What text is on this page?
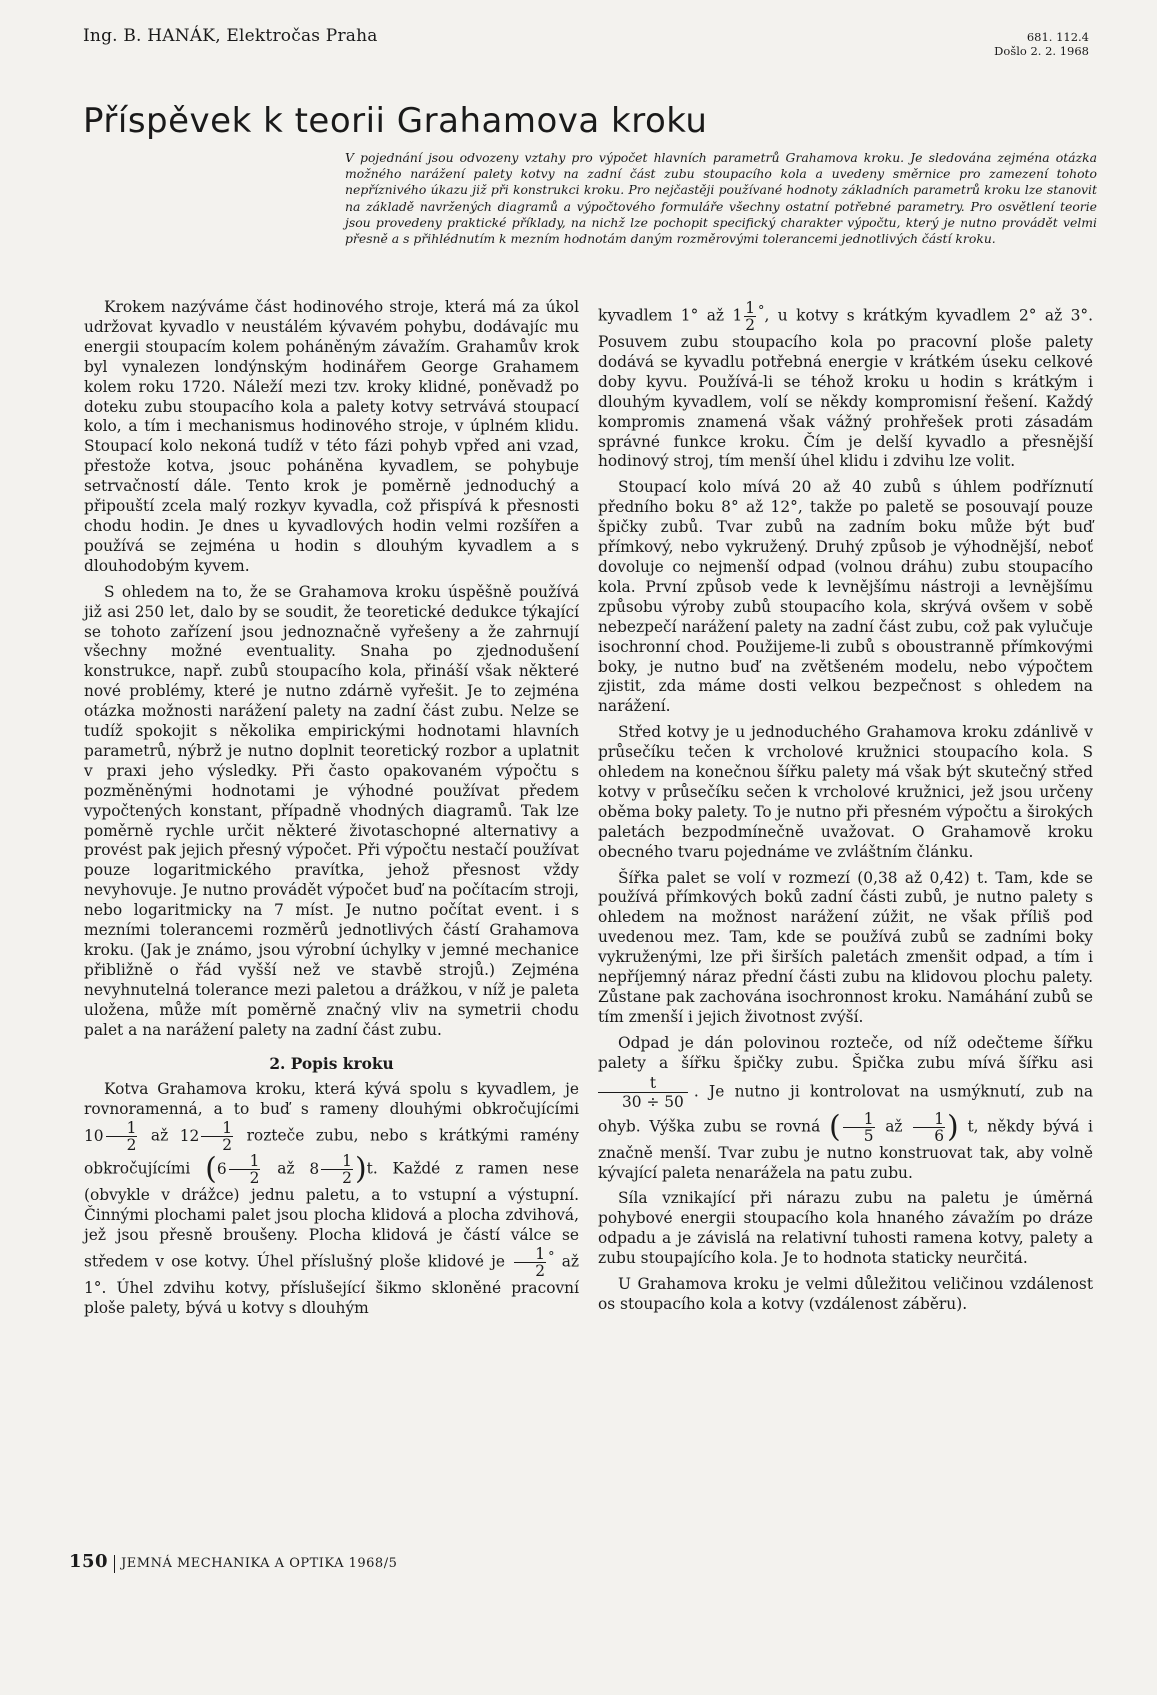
Ing. B. HANÁK, Elektročas Praha	681. 112.4
Došlo 2. 2. 1968
Příspěvek k teorii Grahamova kroku
V pojednání jsou odvozeny vztahy pro výpočet hlavních parametrů Grahamova kroku. Je sledována zejména otázka možného narážení palety kotvy na zadní část zubu stoupacího kola a uvedeny směrnice pro zamezení tohoto nepříznivého úkazu již při konstrukci kroku. Pro nejčastěji používané hodnoty základních parametrů kroku lze stanovit na základě navržených diagramů a výpočtového formuláře všechny ostatní potřebné parametry. Pro osvětlení teorie jsou provedeny praktické příklady, na nichž lze pochopit specifický charakter výpočtu, který je nutno provádět velmi přesně a s přihlédnutím k mezním hodnotám daným rozměrovými tolerancemi jednotlivých částí kroku.

Krokem nazýváme část hodinového stroje, která má za úkol udržovat kyvadlo v neustálém kývavém pohybu, dodávajíc mu energii stoupacím kolem poháněným závažím. Grahamův krok byl vynalezen londýnským hodinářem George Grahamem kolem roku 1720. Náleží mezi tzv. kroky klidné, poněvadž po doteku zubu stoupacího kola a palety kotvy setrvává stoupací kolo, a tím i mechanismus hodinového stroje, v úplném klidu. Stoupací kolo nekoná tudíž v této fázi pohyb vpřed ani vzad, přestože kotva, jsouc poháněna kyvadlem, se pohybuje setrvačností dále. Tento krok je poměrně jednoduchý a připouští zcela malý rozkyv kyvadla, což přispívá k přesnosti chodu hodin. Je dnes u kyvadlových hodin velmi rozšířen a používá se zejména u hodin s dlouhým kyvadlem a s dlouhodobým kyvem.

S ohledem na to, že se Grahamova kroku úspěšně používá již asi 250 let, dalo by se soudit, že teoretické dedukce týkající se tohoto zařízení jsou jednoznačně vyřešeny a že zahrnují všechny možné eventuality. Snaha po zjednodušení konstrukce, např. zubů stoupacího kola, přináší však některé nové problémy, které je nutno zdárně vyřešit. Je to zejména otázka možnosti narážení palety na zadní část zubu. Nelze se tudíž spokojit s několika empirickými hodnotami hlavních parametrů, nýbrž je nutno doplnit teoretický rozbor a uplatnit v praxi jeho výsledky. Při často opakovaném výpočtu s pozměněnými hodnotami je výhodné používat předem vypočtených konstant, případně vhodných diagramů. Tak lze poměrně rychle určit některé životaschopné alternativy a provést pak jejich přesný výpočet. Při výpočtu nestačí používat pouze logaritmického pravítka, jehož přesnost vždy nevyhovuje. Je nutno provádět výpočet buď na počítacím stroji, nebo logaritmicky na 7 míst. Je nutno počítat event. i s mezními tolerancemi rozměrů jednotlivých částí Grahamova kroku. (Jak je známo, jsou výrobní úchylky v jemné mechanice přibližně o řád vyšší než ve stavbě strojů.) Zejména nevyhnutelná tolerance mezi paletou a drážkou, v níž je paleta uložena, může mít poměrně značný vliv na symetrii chodu palet a na narážení palety na zadní část zubu.

2. Popis kroku

Kotva Grahamova kroku, která kývá spolu s kyvadlem, je rovnoramenná, a to buď s rameny dlouhými obkročujícími $10 \frac{1}{2}$ až $12 \frac{1}{2}$ rozteče zubu, nebo s krátkými ramény obkročujícími ($6 \frac{1}{2}$ až $8 \frac{1}{2} )t$. Každé z ramen nese (obvykle v drážce) jednu paletu, a to vstupní a výstupní. Činnými plochami palet jsou plocha klidová a plocha zdvihová, jež jsou přesně broušeny. Plocha klidová je částí válce se středem v ose kotvy. Úhel příslušný ploše klidové je $\frac{1}{2} ^\circ$ až 1°. Úhel zdvihu kotvy, příslušející šikmo skloněné pracovní ploše palety, bývá u kotvy s dlouhým

kyvadlem 1° až $1 \frac{1}{2} ^\circ$, u kotvy s krátkým kyvadlem 2° až 3°. Posuvem zubu stoupacího kola po pracovní ploše palety dodává se kyvadlu potřebná energie v krátkém úseku celkové doby kyvu. Používá-li se téhož kroku u hodin s krátkým i dlouhým kyvadlem, volí se někdy kompromisní řešení. Každý kompromis znamená však vážný prohřešek proti zásadám správné funkce kroku. Čím je delší kyvadlo a přesnější hodinový stroj, tím menší úhel klidu i zdvihu lze volit.

Stoupací kolo mívá 20 až 40 zubů s úhlem podříznutí předního boku 8° až 12°, takže po paletě se posouvají pouze špičky zubů. Tvar zubů na zadním boku může být buď přímkový, nebo vykružený. Druhý způsob je výhodnější, neboť dovoluje co nejmenší odpad (volnou dráhu) zubu stoupacího kola. První způsob vede k levnějšímu nástroji a levnějšímu způsobu výroby zubů stoupacího kola, skrývá ovšem v sobě nebezpečí narážení palety na zadní část zubu, což pak vylučuje isochronní chod. Použijeme-li zubů s oboustranně přímkovými boky, je nutno buď na zvětšeném modelu, nebo výpočtem zjistit, zda máme dosti velkou bezpečnost s ohledem na narážení.

Střed kotvy je u jednoduchého Grahamova kroku zdánlivě v průsečíku tečen k vrcholové kružnici stoupacího kola. S ohledem na konečnou šířku palety má však být skutečný střed kotvy v průsečíku sečen k vrcholové kružnici, jež jsou určeny oběma boky palety. To je nutno při přesném výpočtu a širokých paletách bezpodmínečně uvažovat. O Grahamově kroku obecného tvaru pojednáme ve zvláštním článku.

Šířka palet se volí v rozmezí (0,38 až 0,42) t. Tam, kde se používá přímkových boků zadní části zubů, je nutno palety s ohledem na možnost narážení zúžit, ne však příliš pod uvedenou mez. Tam, kde se používá zubů se zadními boky vykruženými, lze při širších paletách zmenšit odpad, a tím i nepříjemný náraz přední části zubu na klidovou plochu palety. Zůstane pak zachována isochronnost kroku. Namáhání zubů se tím zmenší i jejich životnost zvýší.

Odpad je dán polovinou rozteče, od níž odečteme šířku palety a šířku špičky zubu. Špička zubu mívá šířku asi
$\frac{t}{30 \div 50}$ . Je nutno ji kontrolovat na usmýknutí, zub na ohyb. Výška zubu se rovná ( $\frac{1}{5}$ až $\frac{1}{6}$ ) t, někdy bývá i značně menší. Tvar zubu je nutno konstruovat tak, aby volně kývající paleta nenarážela na patu zubu.

Síla vznikající při nárazu zubu na paletu je úměrná pohybové energii stoupacího kola hnaného závažím po dráze odpadu a je závislá na relativní tuhosti ramena kotvy, palety a zubu stoupajícího kola. Je to hodnota staticky neurčitá.

U Grahamova kroku je velmi důležitou veličinou vzdálenost os stoupacího kola a kotvy (vzdálenost záběru).

150 JEMNÁ MECHANIKA A OPTIKA 1968/5
